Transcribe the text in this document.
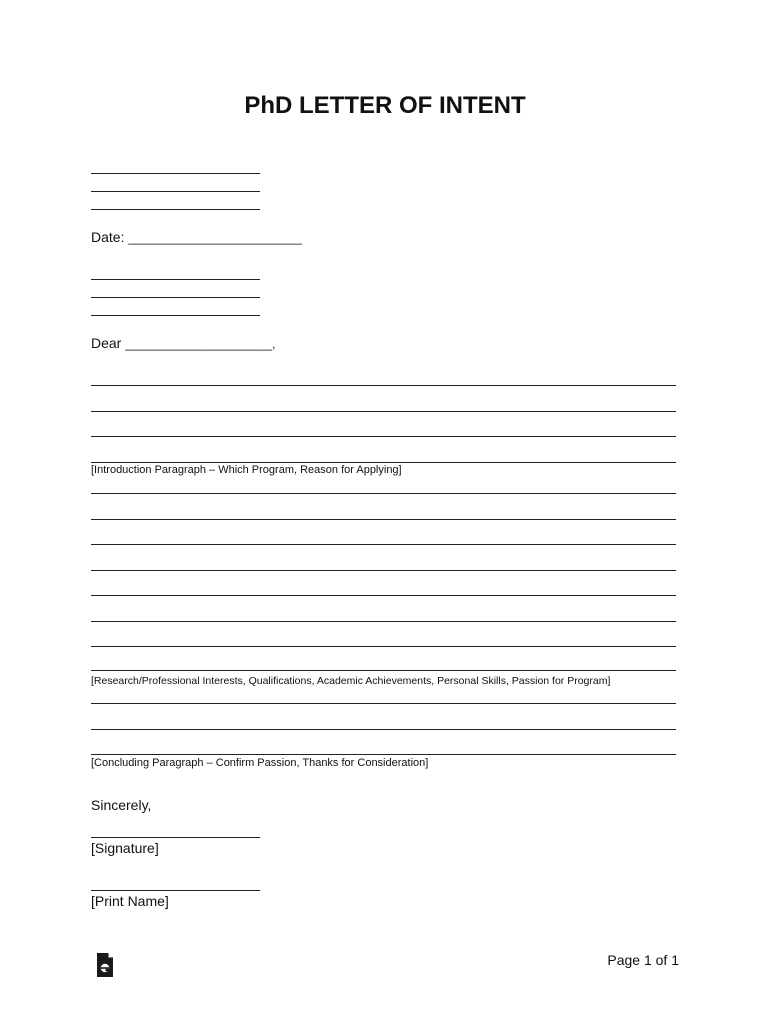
PhD LETTER OF INTENT
Date: __________________________
Dear ______________________,
[Introduction Paragraph – Which Program, Reason for Applying]
[Research/Professional Interests, Qualifications, Academic Achievements, Personal Skills, Passion for Program]
[Concluding Paragraph – Confirm Passion, Thanks for Consideration]
Sincerely,
[Signature]
[Print Name]
Page 1 of 1
